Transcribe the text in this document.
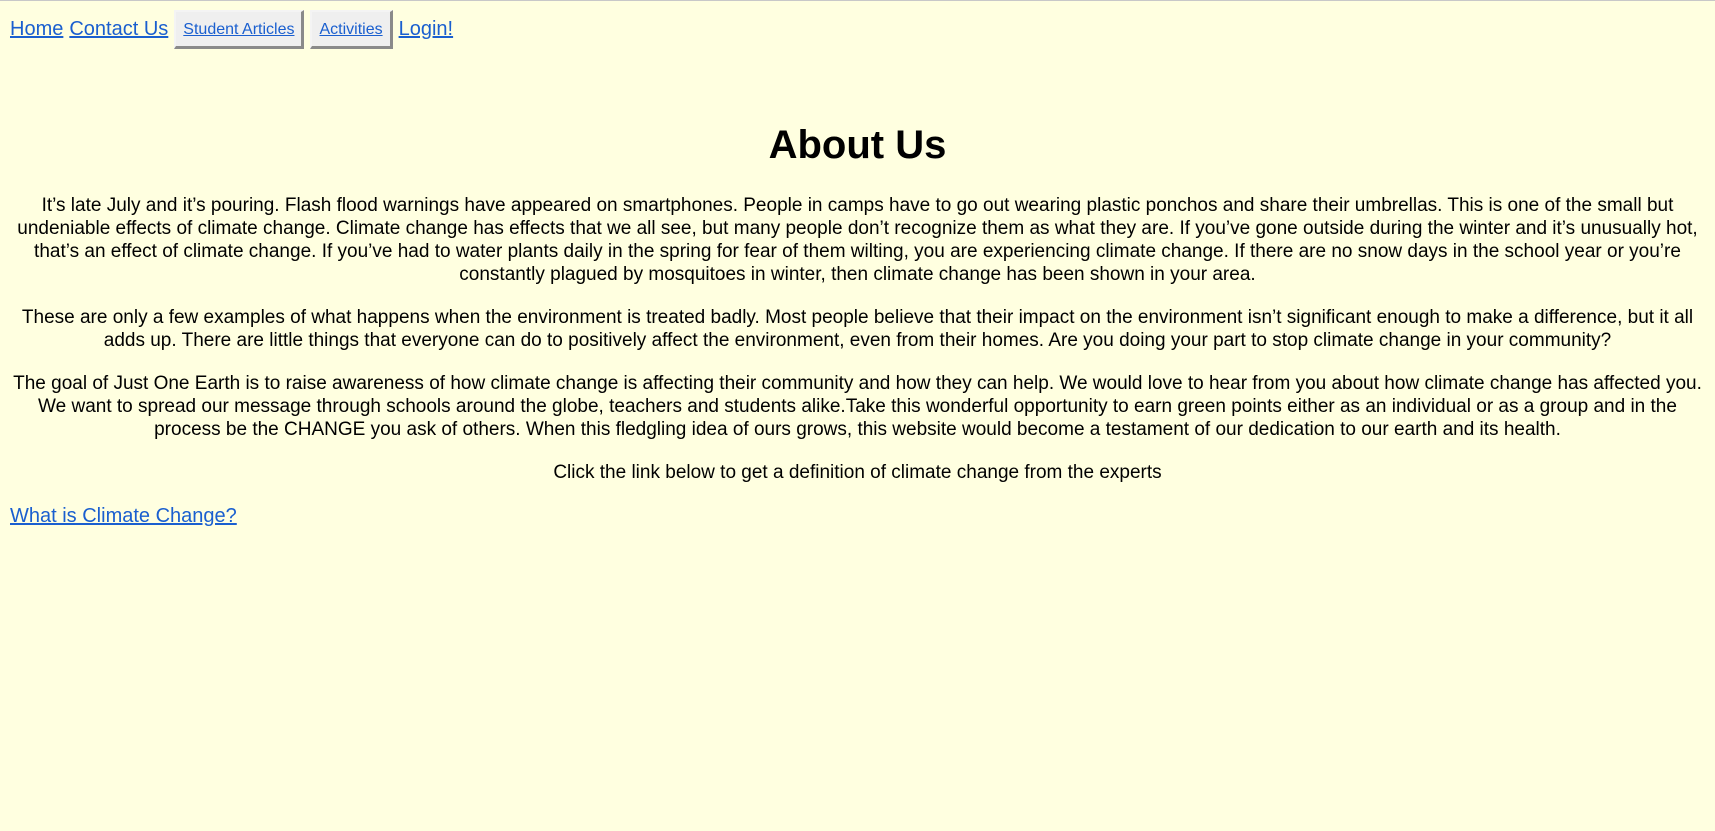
Home Contact Us Student Articles	Activities Login!
About Us

It’s late July and it’s pouring. Flash flood warnings have appeared on smartphones. People in camps have to go out wearing plastic ponchos and share their umbrellas. This is one of the small but undeniable effects of climate change. Climate change has effects that we all see, but many people don’t recognize them as what they are. If you’ve gone outside during the winter and it’s unusually hot, that’s an effect of climate change. If you’ve had to water plants daily in the spring for fear of them wilting, you are experiencing climate change. If there are no snow days in the school year or you’re constantly plagued by mosquitoes in winter, then climate change has been shown in your area.

These are only a few examples of what happens when the environment is treated badly. Most people believe that their impact on the environment isn’t significant enough to make a difference, but it all adds up. There are little things that everyone can do to positively affect the environment, even from their homes. Are you doing your part to stop climate change in your community?

The goal of Just One Earth is to raise awareness of how climate change is affecting their community and how they can help. We would love to hear from you about how climate change has affected you. We want to spread our message through schools around the globe, teachers and students alike.Take this wonderful opportunity to earn green points either as an individual or as a group and in the process be the CHANGE you ask of others. When this fledgling idea of ours grows, this website would become a testament of our dedication to our earth and its health.

Click the link below to get a definition of climate change from the experts

What is Climate Change?
